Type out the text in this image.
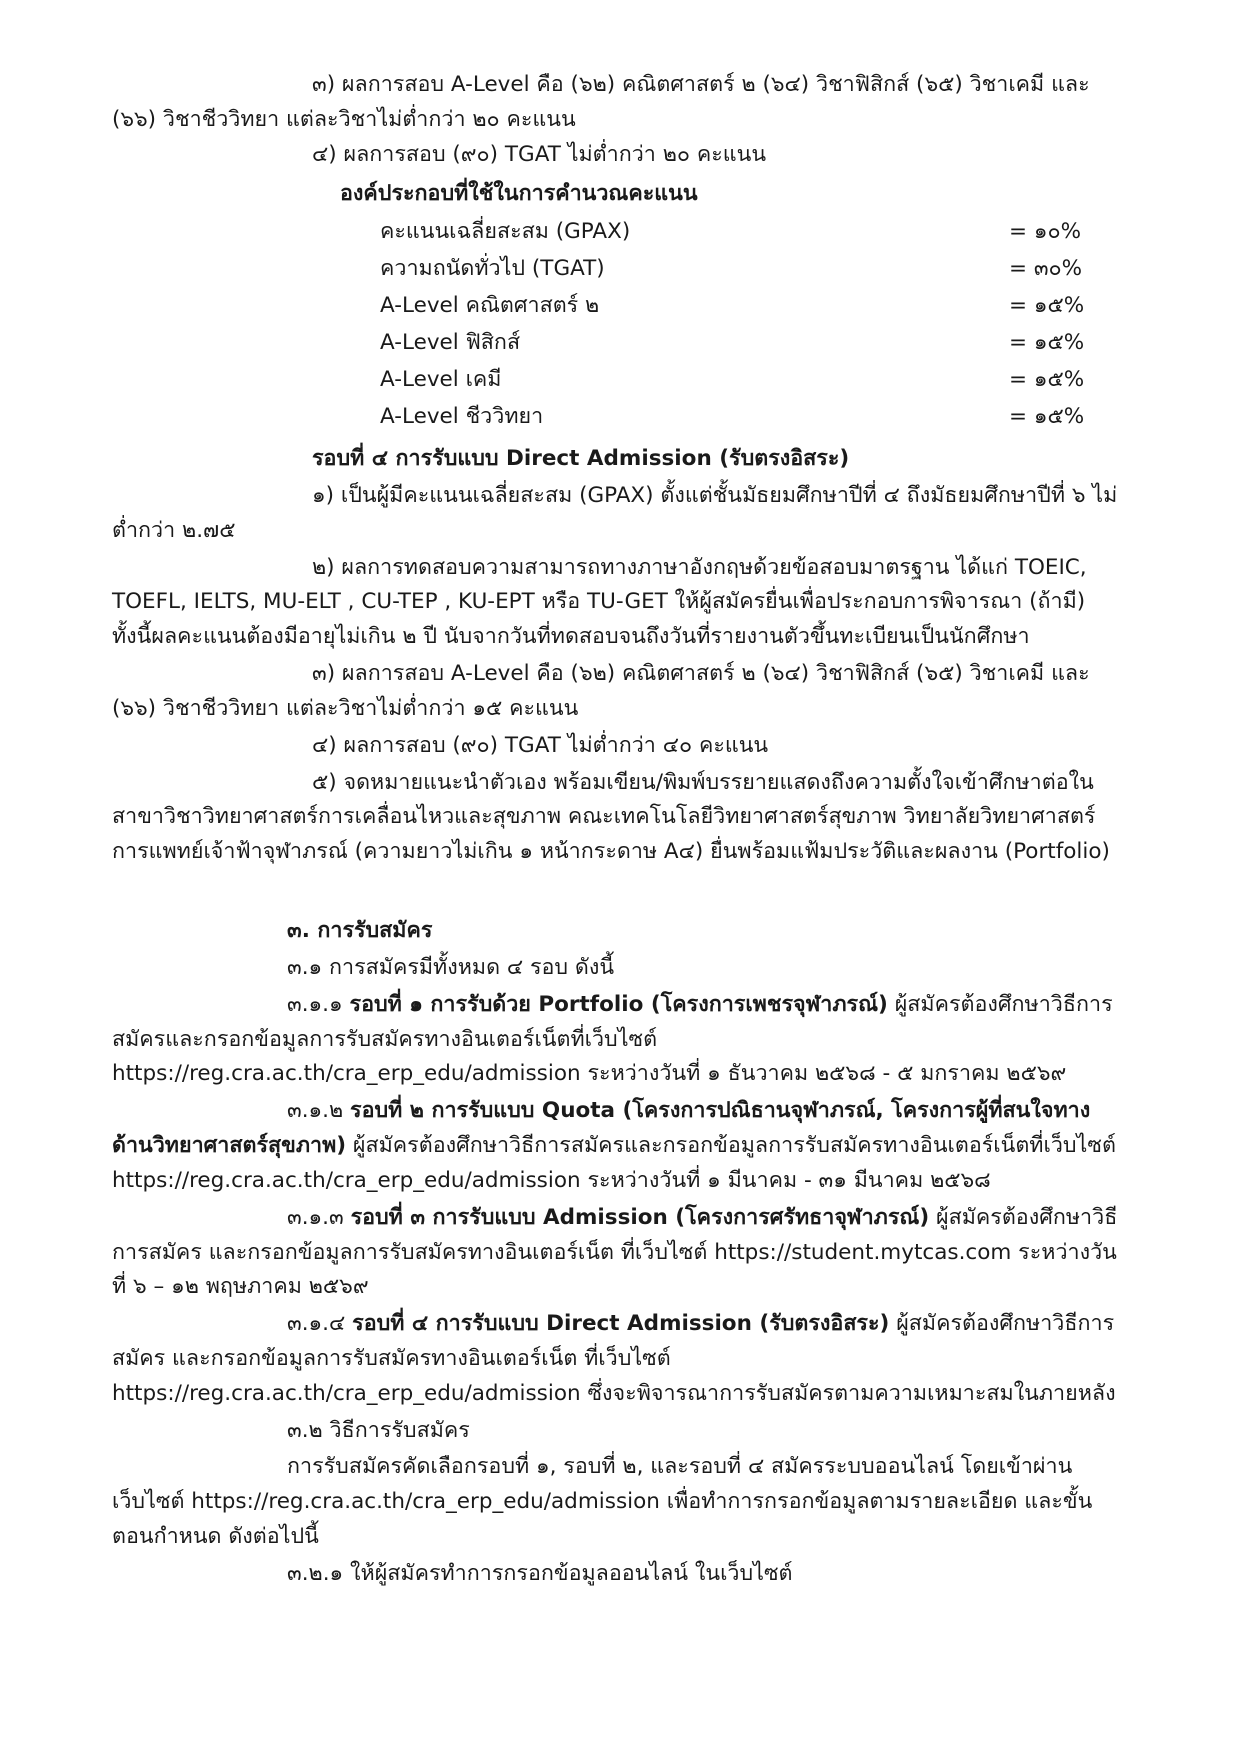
๓) ผลการสอบ A-Level คือ (๖๒) คณิตศาสตร์ ๒ (๖๔) วิชาฟิสิกส์ (๖๕) วิชาเคมี และ (๖๖) วิชาชีววิทยา แต่ละวิชาไม่ต่ำกว่า ๒๐ คะแนน

๔) ผลการสอบ (๙๐) TGAT ไม่ต่ำกว่า ๒๐ คะแนน

องค์ประกอบที่ใช้ในการคำนวณคะแนน
คะแนนเฉลี่ยสะสม (GPAX)	= ๑๐%
ความถนัดทั่วไป (TGAT)	= ๓๐%
A-Level คณิตศาสตร์ ๒	= ๑๕%
A-Level ฟิสิกส์	= ๑๕%
A-Level เคมี	= ๑๕%
A-Level ชีววิทยา	= ๑๕%
รอบที่ ๔ การรับแบบ Direct Admission (รับตรงอิสระ)

๑) เป็นผู้มีคะแนนเฉลี่ยสะสม (GPAX) ตั้งแต่ชั้นมัธยมศึกษาปีที่ ๔ ถึงมัธยมศึกษาปีที่ ๖ ไม่ต่ำกว่า ๒.๗๕

๒) ผลการทดสอบความสามารถทางภาษาอังกฤษด้วยข้อสอบมาตรฐาน ได้แก่ TOEIC, TOEFL, IELTS, MU-ELT , CU-TEP , KU-EPT หรือ TU-GET ให้ผู้สมัครยื่นเพื่อประกอบการพิจารณา (ถ้ามี) ทั้งนี้ผลคะแนนต้องมีอายุไม่เกิน ๒ ปี นับจากวันที่ทดสอบจนถึงวันที่รายงานตัวขึ้นทะเบียนเป็นนักศึกษา

๓) ผลการสอบ A-Level คือ (๖๒) คณิตศาสตร์ ๒ (๖๔) วิชาฟิสิกส์ (๖๕) วิชาเคมี และ (๖๖) วิชาชีววิทยา แต่ละวิชาไม่ต่ำกว่า ๑๕ คะแนน

๔) ผลการสอบ (๙๐) TGAT ไม่ต่ำกว่า ๔๐ คะแนน

๕) จดหมายแนะนำตัวเอง พร้อมเขียน/พิมพ์บรรยายแสดงถึงความตั้งใจเข้าศึกษาต่อในสาขาวิชาวิทยาศาสตร์การเคลื่อนไหวและสุขภาพ คณะเทคโนโลยีวิทยาศาสตร์สุขภาพ วิทยาลัยวิทยาศาสตร์การแพทย์เจ้าฟ้าจุฬาภรณ์ (ความยาวไม่เกิน ๑ หน้ากระดาษ A๔) ยื่นพร้อมแฟ้มประวัติและผลงาน (Portfolio)

๓. การรับสมัคร

๓.๑ การสมัครมีทั้งหมด ๔ รอบ ดังนี้

๓.๑.๑ รอบที่ ๑ การรับด้วย Portfolio (โครงการเพชรจุฬาภรณ์) ผู้สมัครต้องศึกษาวิธีการสมัครและกรอกข้อมูลการรับสมัครทางอินเตอร์เน็ตที่เว็บไซต์ https://reg.cra.ac.th/cra_erp_edu/admission ระหว่างวันที่ ๑ ธันวาคม ๒๕๖๘ - ๕ มกราคม ๒๕๖๙

๓.๑.๒ รอบที่ ๒ การรับแบบ Quota (โครงการปณิธานจุฬาภรณ์, โครงการผู้ที่สนใจทางด้านวิทยาศาสตร์สุขภาพ) ผู้สมัครต้องศึกษาวิธีการสมัครและกรอกข้อมูลการรับสมัครทางอินเตอร์เน็ตที่เว็บไซต์ https://reg.cra.ac.th/cra_erp_edu/admission ระหว่างวันที่ ๑ มีนาคม - ๓๑ มีนาคม ๒๕๖๘

๓.๑.๓ รอบที่ ๓ การรับแบบ Admission (โครงการศรัทธาจุฬาภรณ์) ผู้สมัครต้องศึกษาวิธีการสมัคร และกรอกข้อมูลการรับสมัครทางอินเตอร์เน็ต ที่เว็บไซต์ https://student.mytcas.com ระหว่างวันที่ ๖ – ๑๒ พฤษภาคม ๒๕๖๙

๓.๑.๔ รอบที่ ๔ การรับแบบ Direct Admission (รับตรงอิสระ) ผู้สมัครต้องศึกษาวิธีการสมัคร และกรอกข้อมูลการรับสมัครทางอินเตอร์เน็ต ที่เว็บไซต์ https://reg.cra.ac.th/cra_erp_edu/admission ซึ่งจะพิจารณาการรับสมัครตามความเหมาะสมในภายหลัง

๓.๒ วิธีการรับสมัคร

การรับสมัครคัดเลือกรอบที่ ๑, รอบที่ ๒, และรอบที่ ๔ สมัครระบบออนไลน์ โดยเข้าผ่านเว็บไซต์ https://reg.cra.ac.th/cra_erp_edu/admission เพื่อทำการกรอกข้อมูลตามรายละเอียด และขั้นตอนกำหนด ดังต่อไปนี้

๓.๒.๑ ให้ผู้สมัครทำการกรอกข้อมูลออนไลน์ ในเว็บไซต์
